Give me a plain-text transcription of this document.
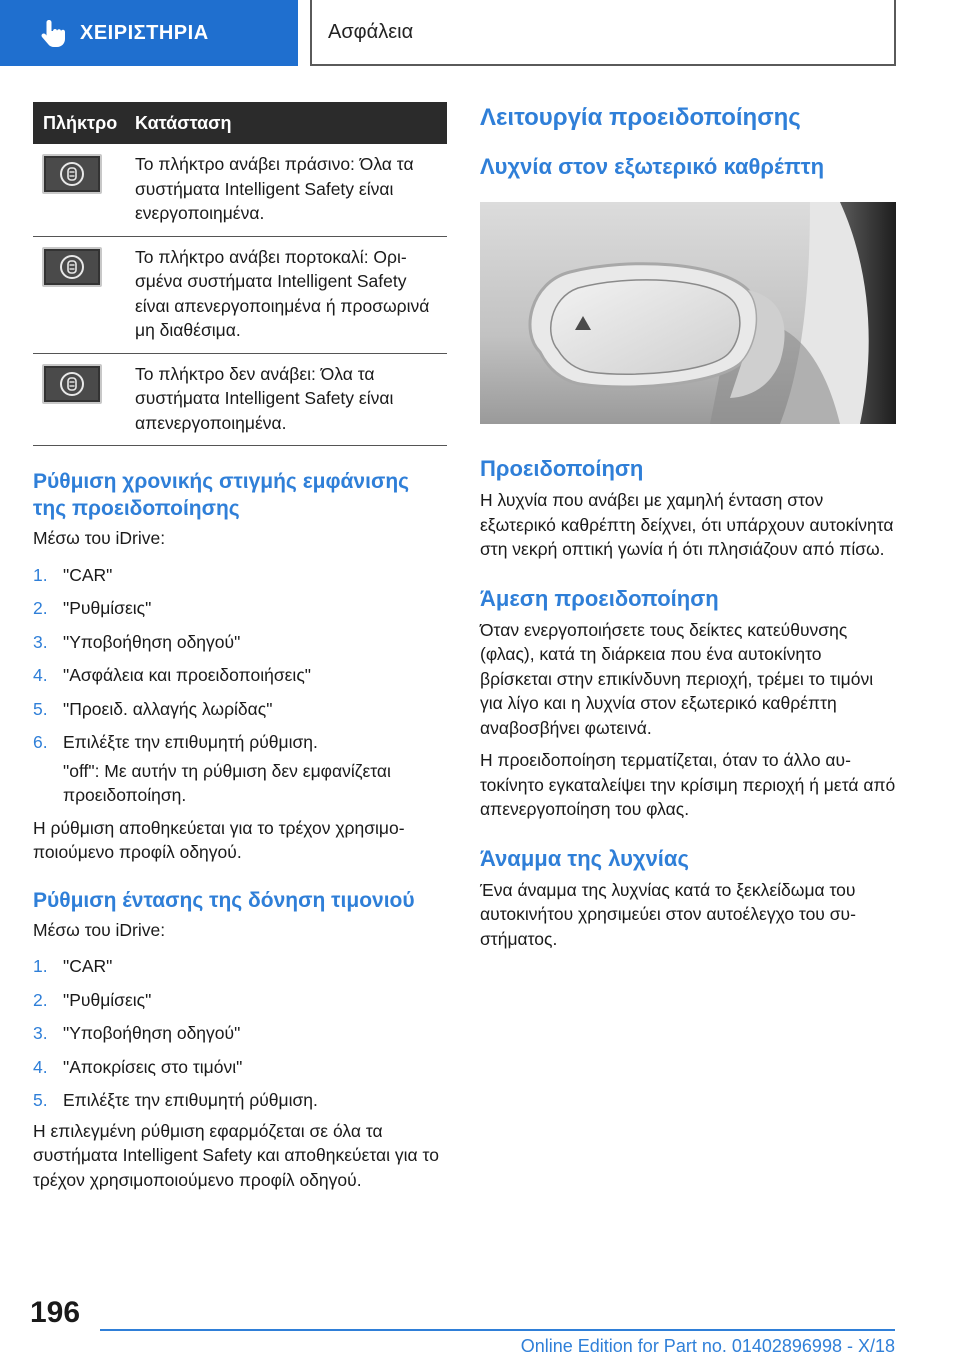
ΧΕΙΡΙΣΤΗΡΙΑ	Ασφάλεια
Πλήκτρο Κατάσταση
Το πλήκτρο ανάβει πράσινο: Όλα τα συστήματα Intelligent Safety είναι ενεργοποιημένα.
Το πλήκτρο ανάβει πορτοκαλί: Ορισμένα συστήματα Intelligent Safety είναι απενεργοποιημένα ή προσωρινά μη διαθέσιμα.
Το πλήκτρο δεν ανάβει: Όλα τα συστήματα Intelligent Safety είναι απενεργοποιημένα.
Ρύθμιση χρονικής στιγμής εμφάνισης της προειδοποίησης

Μέσω του iDrive:

1. "CAR"
2. "Ρυθμίσεις"
3. "Υποβοήθηση οδηγού"
4. "Ασφάλεια και προειδοποιήσεις"
5. "Προειδ. αλλαγής λωρίδας"
6. Επιλέξτε την επιθυμητή ρύθμιση.

"off": Με αυτήν τη ρύθμιση δεν εμφανίζεται προειδοποίηση.

Η ρύθμιση αποθηκεύεται για το τρέχον χρησιμοποιούμενο προφίλ οδηγού.

Ρύθμιση έντασης της δόνηση τιμονιού

Μέσω του iDrive:

1. "CAR"
2. "Ρυθμίσεις"
3. "Υποβοήθηση οδηγού"
4. "Αποκρίσεις στο τιμόνι"
5. Επιλέξτε την επιθυμητή ρύθμιση.

Η επιλεγμένη ρύθμιση εφαρμόζεται σε όλα τα συστήματα Intelligent Safety και αποθηκεύεται για το τρέχον χρησιμοποιούμενο προφίλ οδηγού.

Λειτουργία προειδοποίησης
Λυχνία στον εξωτερικό καθρέπτη
Προειδοποίηση

Η λυχνία που ανάβει με χαμηλή ένταση στον εξωτερικό καθρέπτη δείχνει, ότι υπάρχουν αυτοκίνητα στη νεκρή οπτική γωνία ή ότι πλησιάζουν από πίσω.

Άμεση προειδοποίηση

Όταν ενεργοποιήσετε τους δείκτες κατεύθυνσης (φλας), κατά τη διάρκεια που ένα αυτοκίνητο βρίσκεται στην επικίνδυνη περιοχή, τρέμει το τιμόνι για λίγο και η λυχνία στον εξωτερικό καθρέπτη αναβοσβήνει φωτεινά.

Η προειδοποίηση τερματίζεται, όταν το άλλο αυτοκίνητο εγκαταλείψει την κρίσιμη περιοχή ή μετά από απενεργοποίηση του φλας.

Άναμμα της λυχνίας

Ένα άναμμα της λυχνίας κατά το ξεκλείδωμα του αυτοκινήτου χρησιμεύει στον αυτοέλεγχο του συστήματος.

196
Online Edition for Part no. 01402896998 - X/18
